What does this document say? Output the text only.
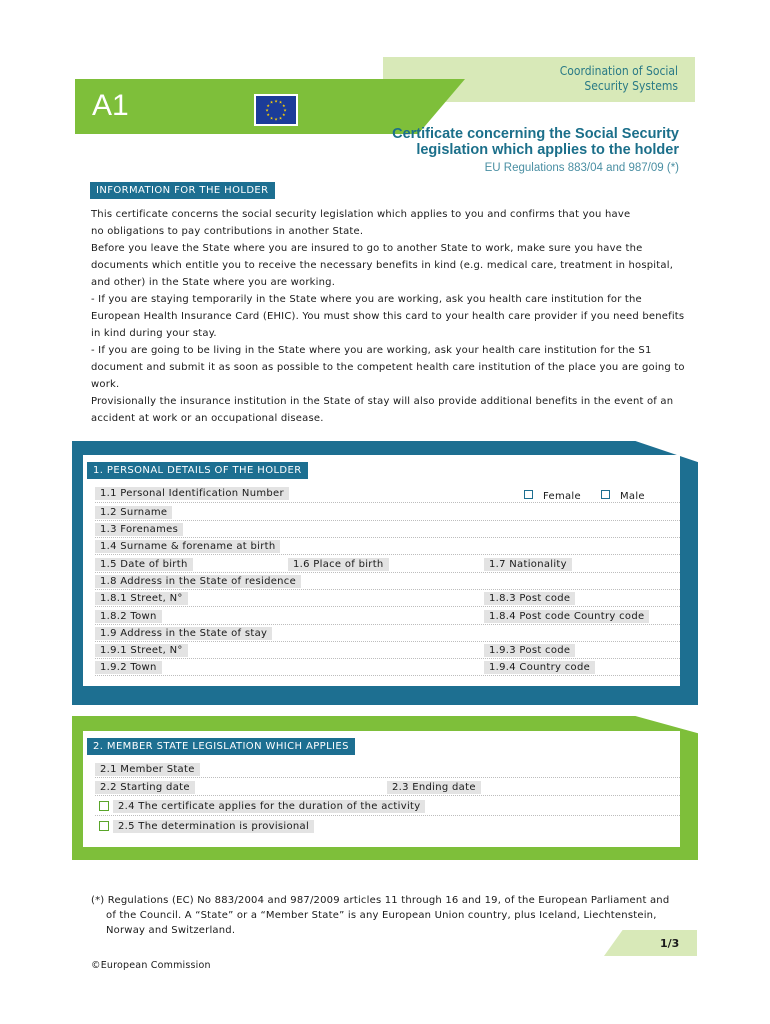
Coordination of Social
Security Systems
A1	★ ★
★
★
★
★
★
★
★
★
★
★
Certificate concerning the Social Security
legislation which applies to the holder
EU Regulations 883/04 and 987/09 (*)
INFORMATION FOR THE HOLDER

This certificate concerns the social security legislation which applies to you and confirms that you have

no obligations to pay contributions in another State.

Before you leave the State where you are insured to go to another State to work, make sure you have the

documents which entitle you to receive the necessary benefits in kind (e.g. medical care, treatment in hospital,

and other) in the State where you are working.

- If you are staying temporarily in the State where you are working, ask you health care institution for the

European Health Insurance Card (EHIC). You must show this card to your health care provider if you need benefits

in kind during your stay.

- If you are going to be living in the State where you are working, ask your health care institution for the S1

document and submit it as soon as possible to the competent health care institution of the place you are going to

work.

Provisionally the insurance institution in the State of stay will also provide additional benefits in the event of an

accident at work or an occupational disease.

1. PERSONAL DETAILS OF THE HOLDER
1.1 Personal Identification Number	Female	Male
1.2 Surname
1.3 Forenames
1.4 Surname & forename at birth
1.5 Date of birth	1.6 Place of birth	1.7 Nationality
1.8 Address in the State of residence
1.8.1 Street, N°	1.8.3 Post code
1.8.2 Town	1.8.4 Post code Country code
1.9 Address in the State of stay
1.9.1 Street, N°	1.9.3 Post code
1.9.2 Town	1.9.4 Country code
2. MEMBER STATE LEGISLATION WHICH APPLIES
2.1 Member State
2.2 Starting date	2.3 Ending date
2.4 The certificate applies for the duration of the activity
2.5 The determination is provisional
(*) Regulations (EC) No 883/2004 and 987/2009 articles 11 through 16 and 19, of the European Parliament and
of the Council. A “State” or a “Member State” is any European Union country, plus Iceland, Liechtenstein,
Norway and Switzerland.
1/3
©European Commission
